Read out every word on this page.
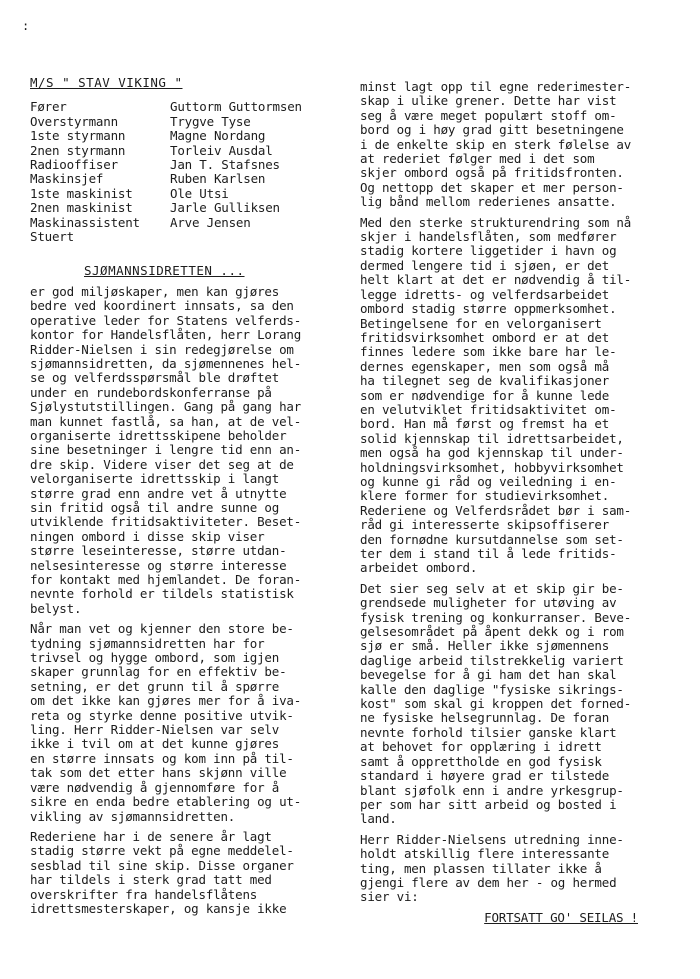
:
M/S " STAV VIKING "
Fører	Guttorm Guttormsen
Overstyrmann	Trygve Tyse
1ste styrmann	Magne Nordang
2nen styrmann	Torleiv Ausdal
Radiooffiser	Jan T. Stafsnes
Maskinsjef	Ruben Karlsen
1ste maskinist	Ole Utsi
2nen maskinist	Jarle Gulliksen
Maskinassistent	Arve Jensen
Stuert
SJØMANNSIDRETTEN ...

er god miljøskaper, men kan gjøres
bedre ved koordinert innsats, sa den
operative leder for Statens velferds-
kontor for Handelsflåten, herr Lorang
Ridder-Nielsen i sin redegjørelse om
sjømannsidretten, da sjømennenes hel-
se og velferdsspørsmål ble drøftet
under en rundebordskonferranse på
Sjølystutstillingen. Gang på gang har
man kunnet fastlå, sa han, at de vel-
organiserte idrettsskipene beholder
sine besetninger i lengre tid enn an-
dre skip. Videre viser det seg at de
velorganiserte idrettsskip i langt
større grad enn andre vet å utnytte
sin fritid også til andre sunne og
utviklende fritidsaktiviteter. Beset-
ningen ombord i disse skip viser
større leseinteresse, større utdan-
nelsesinteresse og større interesse
for kontakt med hjemlandet. De foran-
nevnte forhold er tildels statistisk
belyst.

Når man vet og kjenner den store be-
tydning sjømannsidretten har for
trivsel og hygge ombord, som igjen
skaper grunnlag for en effektiv be-
setning, er det grunn til å spørre
om det ikke kan gjøres mer for å iva-
reta og styrke denne positive utvik-
ling. Herr Ridder-Nielsen var selv
ikke i tvil om at det kunne gjøres
en større innsats og kom inn på til-
tak som det etter hans skjønn ville
være nødvendig å gjennomføre for å
sikre en enda bedre etablering og ut-
vikling av sjømannsidretten.

Rederiene har i de senere år lagt
stadig større vekt på egne meddelel-
sesblad til sine skip. Disse organer
har tildels i sterk grad tatt med
overskrifter fra handelsflåtens
idrettsmesterskaper, og kansje ikke

minst lagt opp til egne rederimester-
skap i ulike grener. Dette har vist
seg å være meget populært stoff om-
bord og i høy grad gitt besetningene
i de enkelte skip en sterk følelse av
at rederiet følger med i det som
skjer ombord også på fritidsfronten.
Og nettopp det skaper et mer person-
lig bånd mellom rederienes ansatte.

Med den sterke strukturendring som nå
skjer i handelsflåten, som medfører
stadig kortere liggetider i havn og
dermed lengere tid i sjøen, er det
helt klart at det er nødvendig å til-
legge idretts- og velferdsarbeidet
ombord stadig større oppmerksomhet.
Betingelsene for en velorganisert
fritidsvirksomhet ombord er at det
finnes ledere som ikke bare har le-
dernes egenskaper, men som også må
ha tilegnet seg de kvalifikasjoner
som er nødvendige for å kunne lede
en velutviklet fritidsaktivitet om-
bord. Han må først og fremst ha et
solid kjennskap til idrettsarbeidet,
men også ha god kjennskap til under-
holdningsvirksomhet, hobbyvirksomhet
og kunne gi råd og veiledning i en-
klere former for studievirksomhet.
Rederiene og Velferdsrådet bør i sam-
råd gi interesserte skipsoffiserer
den fornødne kursutdannelse som set-
ter dem i stand til å lede fritids-
arbeidet ombord.

Det sier seg selv at et skip gir be-
grendsede muligheter for utøving av
fysisk trening og konkurranser. Beve-
gelsesområdet på åpent dekk og i rom
sjø er små. Heller ikke sjømennens
daglige arbeid tilstrekkelig variert
bevegelse for å gi ham det han skal
kalle den daglige "fysiske sikrings-
kost" som skal gi kroppen det forned-
ne fysiske helsegrunnlag. De foran
nevnte forhold tilsier ganske klart
at behovet for opplæring i idrett
samt å opprettholde en god fysisk
standard i høyere grad er tilstede
blant sjøfolk enn i andre yrkesgrup-
per som har sitt arbeid og bosted i
land.

Herr Ridder-Nielsens utredning inne-
holdt atskillig flere interessante
ting, men plassen tillater ikke å
gjengi flere av dem her - og hermed
sier vi:

FORTSATT GO' SEILAS !
